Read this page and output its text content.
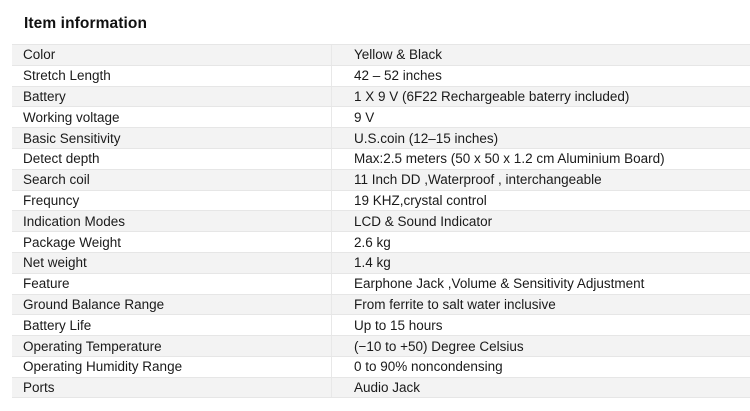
Item information
Color	Yellow & Black
Stretch Length	42 – 52 inches
Battery	1 X 9 V (6F22 Rechargeable baterry included)
Working voltage	9 V
Basic Sensitivity	U.S.coin (12–15 inches)
Detect depth	Max:2.5 meters (50 x 50 x 1.2 cm Aluminium Board)
Search coil	11 Inch DD ,Waterproof , interchangeable
Frequncy	19 KHZ,crystal control
Indication Modes	LCD & Sound Indicator
Package Weight	2.6 kg
Net weight	1.4 kg
Feature	Earphone Jack ,Volume & Sensitivity Adjustment
Ground Balance Range	From ferrite to salt water inclusive
Battery Life	Up to 15 hours
Operating Temperature	(−10 to +50) Degree Celsius
Operating Humidity Range	0 to 90% noncondensing
Ports	Audio Jack
